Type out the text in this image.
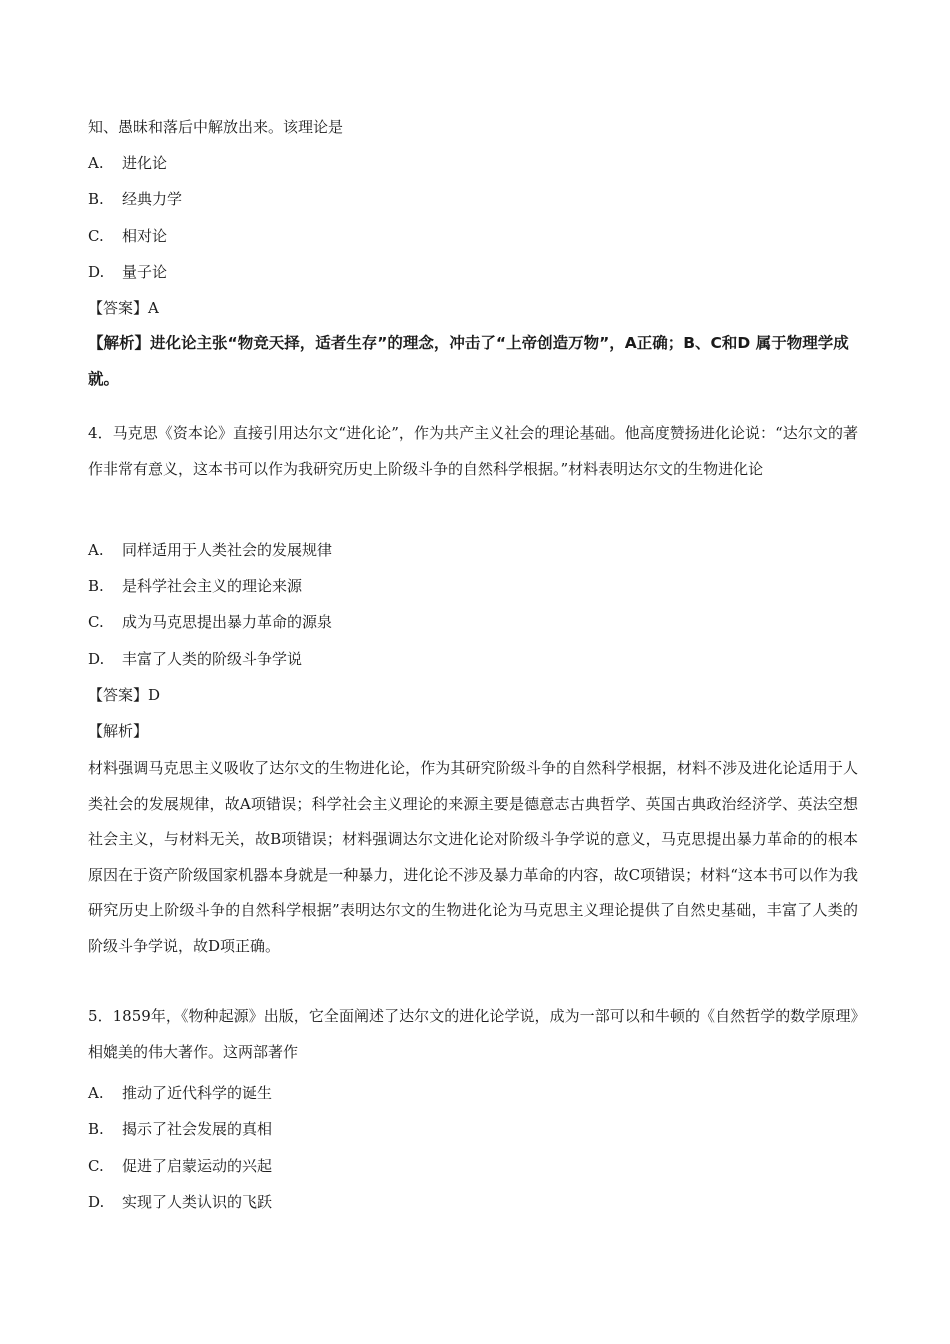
知、愚昧和落后中解放出来。该理论是
A. 进化论
B. 经典力学
C. 相对论
D. 量子论
【答案】A
【解析】进化论主张“物竞天择，适者生存”的理念，冲击了“上帝创造万物”，A正确；B、C和D 属于物理学成就。
4．马克思《资本论》直接引用达尔文“进化论”，作为共产主义社会的理论基础。他高度赞扬进化论说：“达尔文的著作非常有意义，这本书可以作为我研究历史上阶级斗争的自然科学根据。”材料表明达尔文的生物进化论
A. 同样适用于人类社会的发展规律
B. 是科学社会主义的理论来源
C. 成为马克思提出暴力革命的源泉
D. 丰富了人类的阶级斗争学说
【答案】D
【解析】
材料强调马克思主义吸收了达尔文的生物进化论，作为其研究阶级斗争的自然科学根据，材料不涉及进化论适用于人类社会的发展规律，故A项错误；科学社会主义理论的来源主要是德意志古典哲学、英国古典政治经济学、英法空想社会主义，与材料无关，故B项错误；材料强调达尔文进化论对阶级斗争学说的意义，马克思提出暴力革命的的根本原因在于资产阶级国家机器本身就是一种暴力，进化论不涉及暴力革命的内容，故C项错误；材料“这本书可以作为我研究历史上阶级斗争的自然科学根据”表明达尔文的生物进化论为马克思主义理论提供了自然史基础，丰富了人类的阶级斗争学说，故D项正确。
5．1859年，《物种起源》出版，它全面阐述了达尔文的进化论学说，成为一部可以和牛顿的《自然哲学的数学原理》相媲美的伟大著作。这两部著作
A. 推动了近代科学的诞生
B. 揭示了社会发展的真相
C. 促进了启蒙运动的兴起
D. 实现了人类认识的飞跃
